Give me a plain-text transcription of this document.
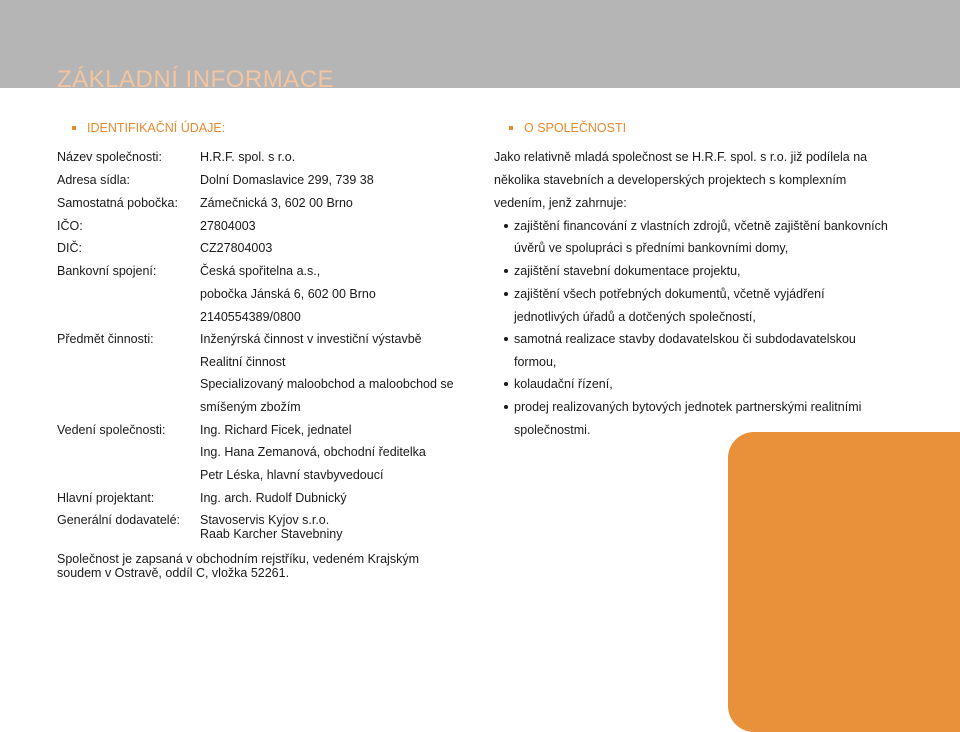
ZÁKLADNÍ INFORMACE
IDENTIFIKAČNÍ ÚDAJE:
Název společnosti:	H.R.F. spol. s r.o.
Adresa sídla:	Dolní Domaslavice 299, 739 38
Samostatná pobočka: Zámečnická 3, 602 00 Brno
IČO:	27804003
DIČ:	CZ27804003
Bankovní spojení:	Česká spořitelna a.s.,
pobočka Jánská 6, 602 00 Brno
2140554389/0800
Předmět činnosti:	Inženýrská činnost v investiční výstavbě
Realitní činnost
Specializovaný maloobchod a maloobchod se
smíšeným zbožím
Vedení společnosti:	Ing. Richard Ficek, jednatel
Ing. Hana Zemanová, obchodní ředitelka
Petr Léska, hlavní stavbyvedoucí
Hlavní projektant:	Ing. arch. Rudolf Dubnický
Generální dodavatelé: Stavoservis Kyjov s.r.o.
Raab Karcher Stavebniny
Společnost je zapsaná v obchodním rejstříku, vedeném Krajským
soudem v Ostravě, oddíl C, vložka 52261.
O SPOLEČNOSTI
Jako relativně mladá společnost se H.R.F. spol. s r.o. již podílela na
několika stavebních a developerských projektech s komplexním
vedením, jenž zahrnuje:
zajištění financování z vlastních zdrojů, včetně zajištění bankovních
úvěrů ve spolupráci s předními bankovními domy,
zajištění stavební dokumentace projektu,
zajištění všech potřebných dokumentů, včetně vyjádření
jednotlivých úřadů a dotčených společností,
samotná realizace stavby dodavatelskou či subdodavatelskou
formou,
kolaudační řízení,
prodej realizovaných bytových jednotek partnerskými realitními
společnostmi.
